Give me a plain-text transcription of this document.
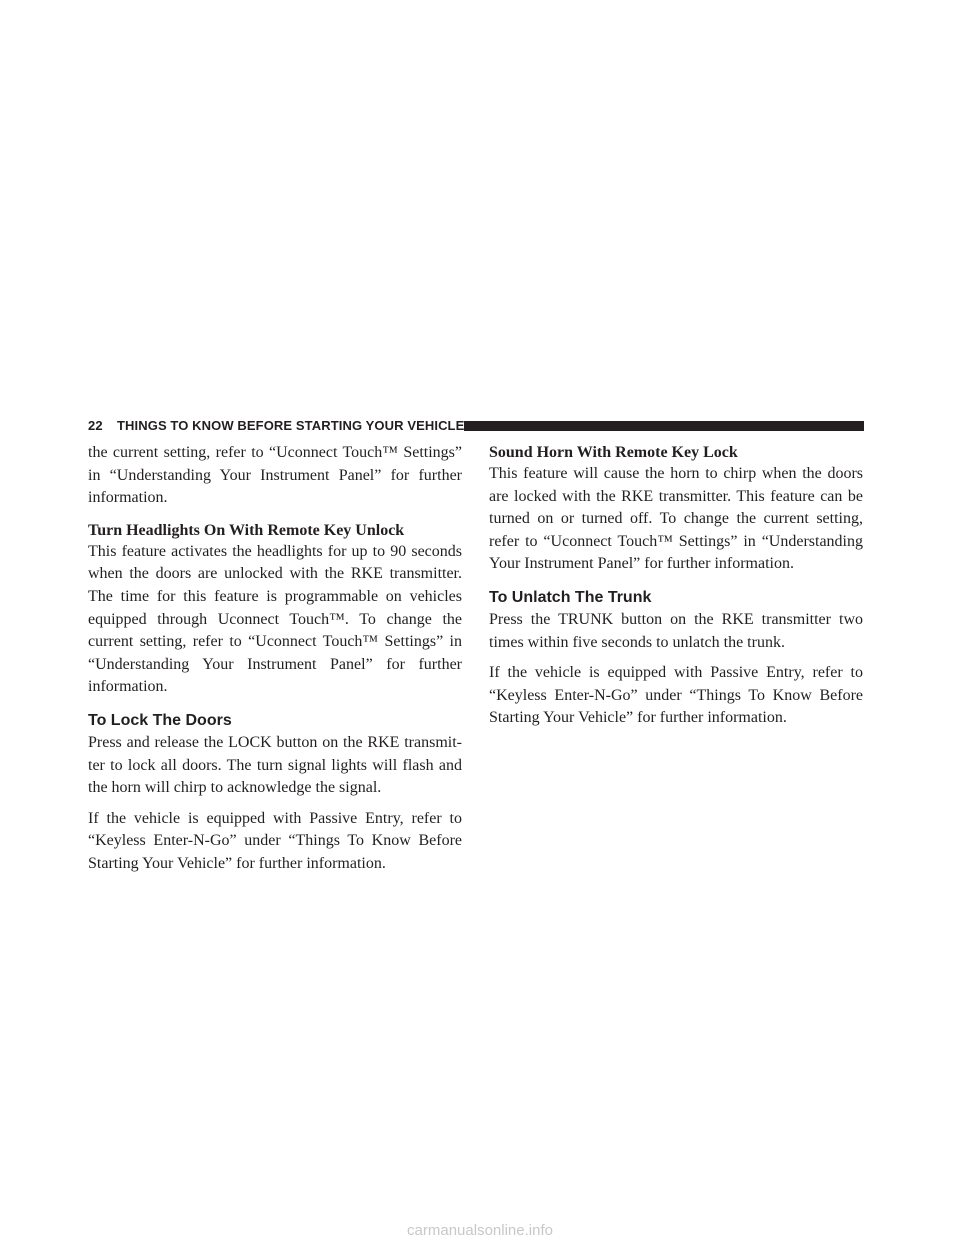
22 THINGS TO KNOW BEFORE STARTING YOUR VEHICLE

the current setting, refer to “Uconnect Touch™ Settings” in “Understanding Your Instrument Panel” for further information.

Turn Headlights On With Remote Key Unlock

This feature activates the headlights for up to 90 seconds when the doors are unlocked with the RKE transmitter. The time for this feature is programmable on vehicles equipped through Uconnect Touch™. To change the current setting, refer to “Uconnect Touch™ Settings” in “Understanding Your Instrument Panel” for further information.

To Lock The Doors

Press and release the LOCK button on the RKE transmit-ter to lock all doors. The turn signal lights will flash and the horn will chirp to acknowledge the signal.

If the vehicle is equipped with Passive Entry, refer to “Keyless Enter-N-Go” under “Things To Know Before Starting Your Vehicle” for further information.

Sound Horn With Remote Key Lock

This feature will cause the horn to chirp when the doors are locked with the RKE transmitter. This feature can be turned on or turned off. To change the current setting, refer to “Uconnect Touch™ Settings” in “Understanding Your Instrument Panel” for further information.

To Unlatch The Trunk

Press the TRUNK button on the RKE transmitter two times within five seconds to unlatch the trunk.

If the vehicle is equipped with Passive Entry, refer to “Keyless Enter-N-Go” under “Things To Know Before Starting Your Vehicle” for further information.

carmanualsonline.info
